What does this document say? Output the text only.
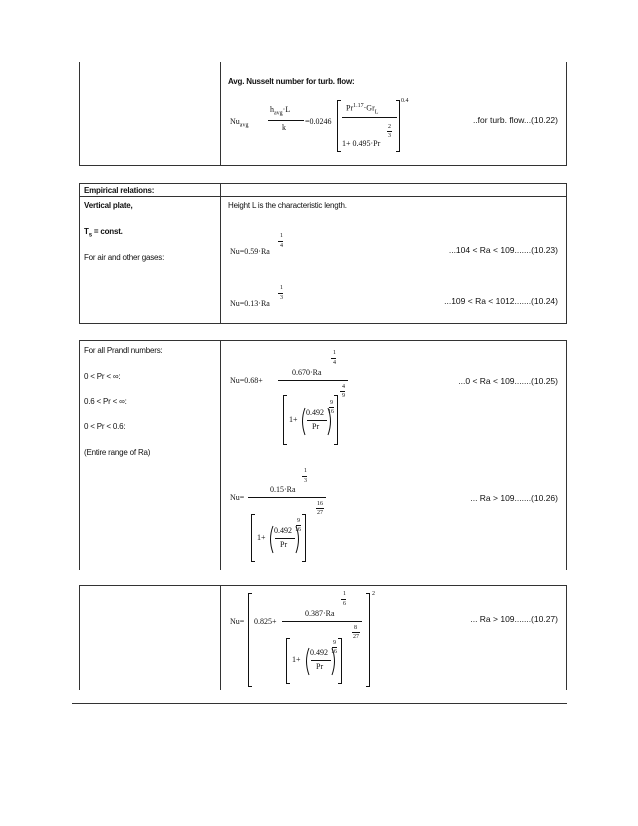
Avg. Nusselt number for turb. flow:
$Nu_{avg}$
$h_{avg}\cdot L$
k
=0.0246
$Pr^{1.17}\cdot Gr_L$
2
3
1+ 0.495·Pr
0.4
..for turb. flow...(10.22)
Empirical relations:
Vertical plate,
$T_s$ = const.
For air and other gases:
Height L is the characteristic length.
Nu=0.59·Ra
1
4	...104 < Ra < 109.......(10.23)
Nu=0.13·Ra
1
3	...109 < Ra < 1012.......(10.24)
For all Prandl numbers:
0 < Pr < ∞:
0.6 < Pr < ∞:
0 < Pr < 0.6:
(Entire range of Ra)
Nu=0.68+
1
4
0.670·Ra
4
9
1+
0.492
Pr
9
16
...0 < Ra < 109.......(10.25)
Nu=
1
3
0.15·Ra
16
27
1+
0.492
Pr
9
16
... Ra > 109.......(10.26)
Nu= 0.825+
1
6
0.387·Ra
8
27
1+
0.492
Pr
9
16
2
... Ra > 109.......(10.27)
